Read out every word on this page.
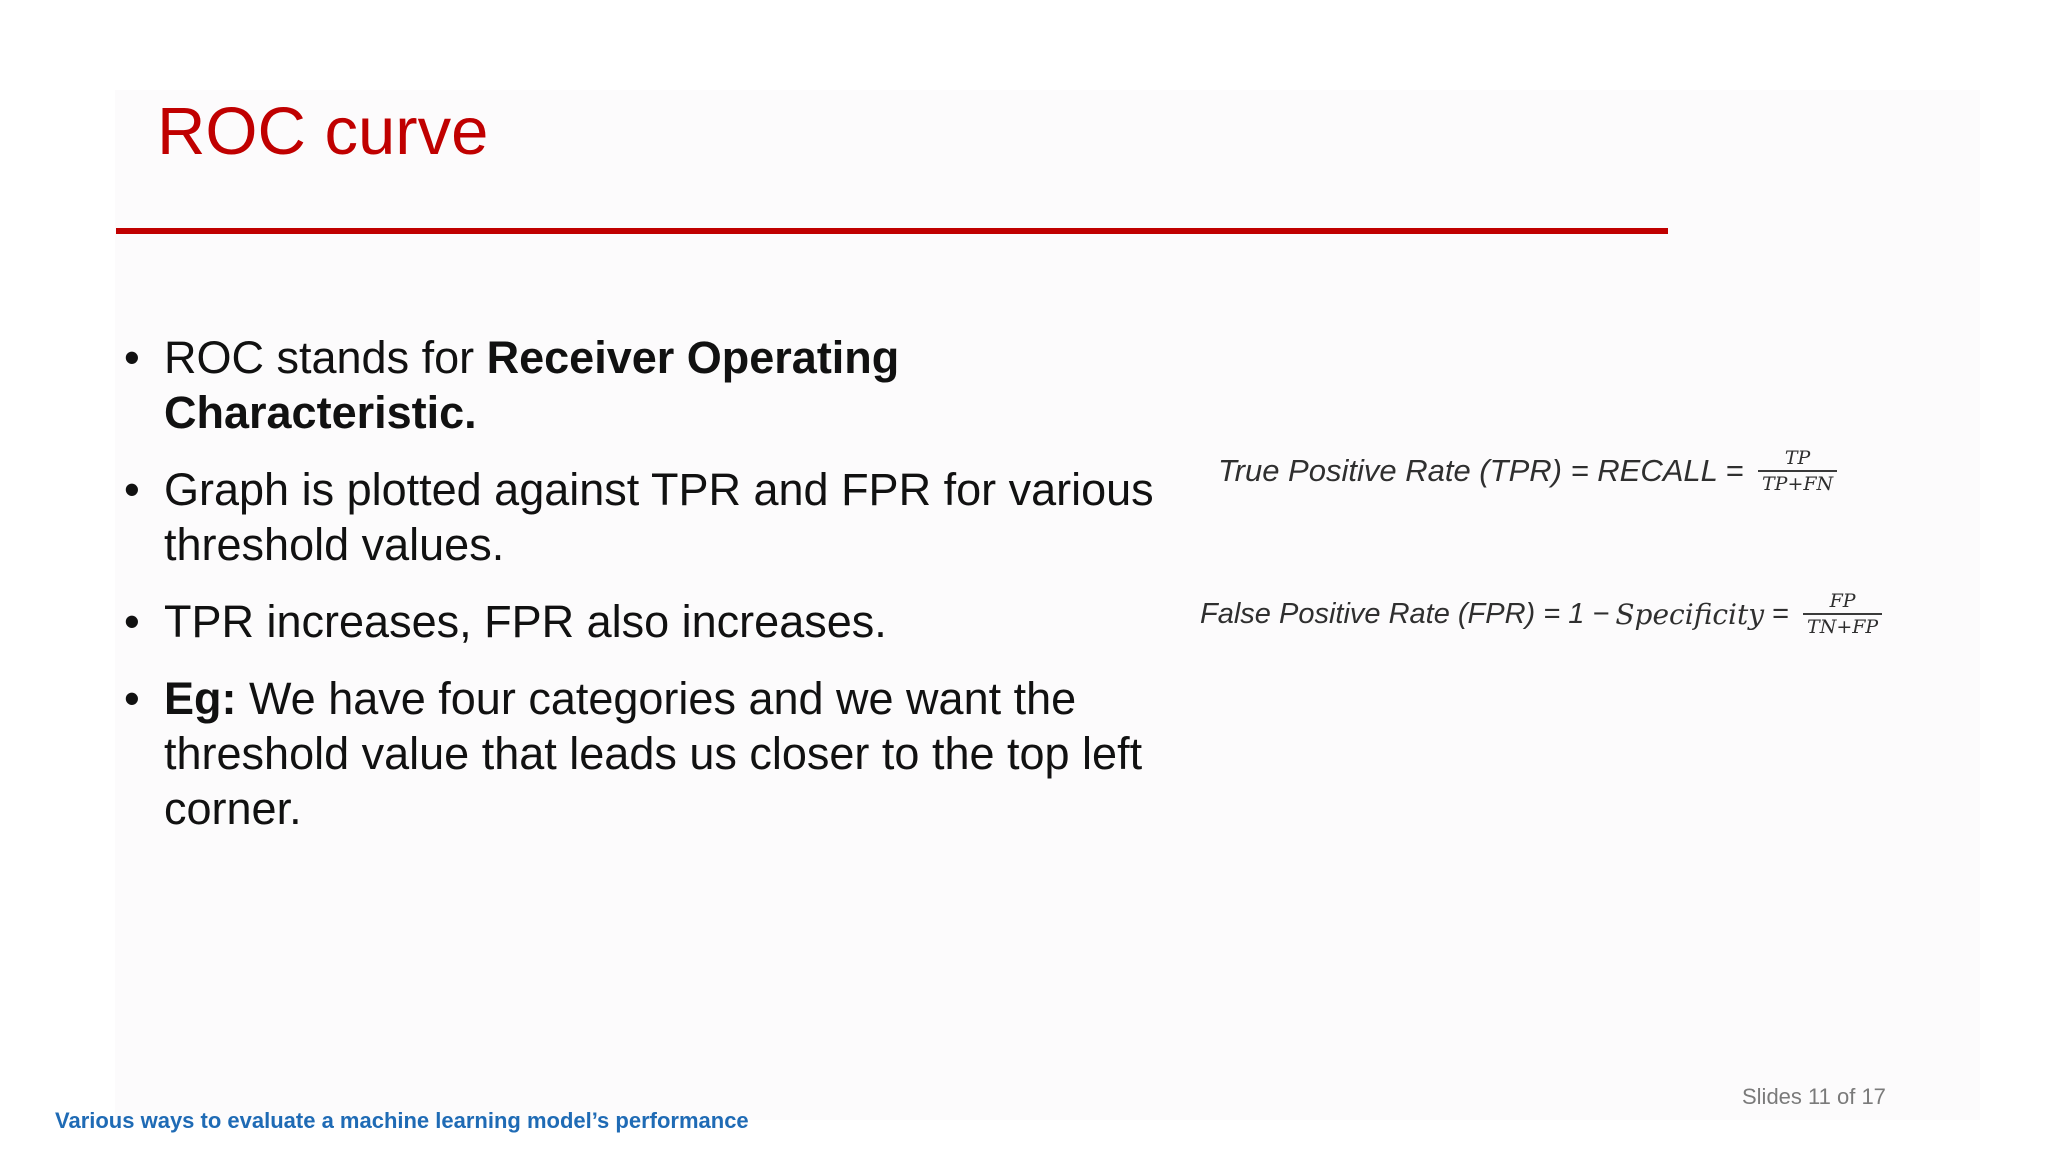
ROC curve
• ROC stands for Receiver Operating Characteristic.
• Graph is plotted against TPR and FPR for various threshold values.
• TPR increases, FPR also increases.
• Eg: We have four categories and we want the threshold value that leads us closer to the top left corner.
True Positive Rate (TPR) = RECALL = $\frac{TP}{TP+FN}$
False Positive Rate (FPR) = 1 − Specificity = $\frac{FP}{TN+FP}$
Various ways to evaluate a machine learning model’s performance
Slides 11 of 17
